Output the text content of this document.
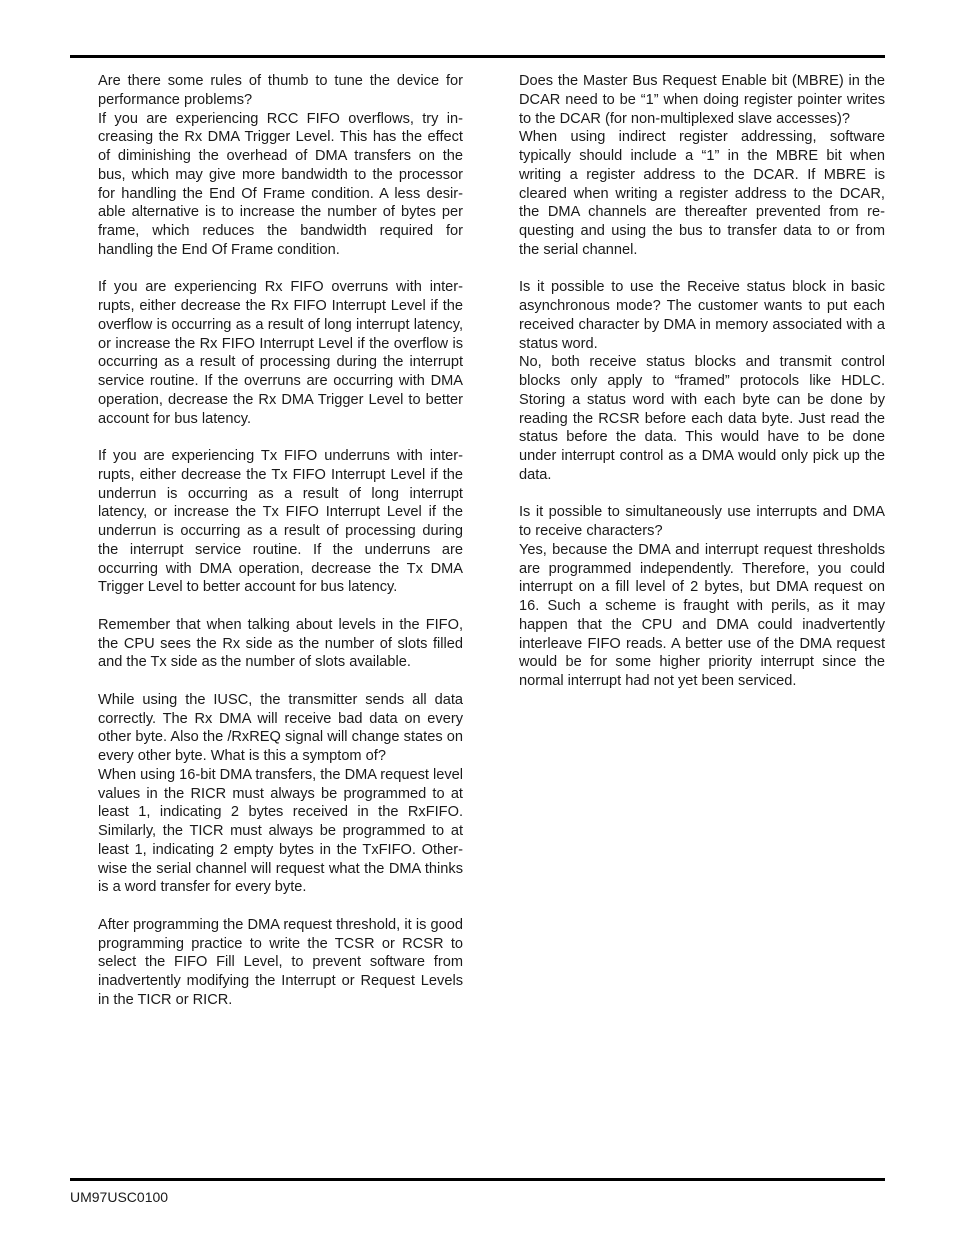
Are there some rules of thumb to tune the device for performance problems?
If you are experiencing RCC FIFO overflows, try increasing the Rx DMA Trigger Level. This has the effect of diminishing the overhead of DMA transfers on the bus, which may give more bandwidth to the processor for handling the End Of Frame condition. A less desirable alternative is to increase the number of bytes per frame, which reduces the bandwidth required for handling the End Of Frame condition.
If you are experiencing Rx FIFO overruns with interrupts, either decrease the Rx FIFO Interrupt Level if the overflow is occurring as a result of long interrupt latency, or increase the Rx FIFO Interrupt Level if the overflow is occurring as a result of processing during the interrupt service routine. If the overruns are occurring with DMA operation, decrease the Rx DMA Trigger Level to better account for bus latency.
If you are experiencing Tx FIFO underruns with interrupts, either decrease the Tx FIFO Interrupt Level if the underrun is occurring as a result of long interrupt latency, or increase the Tx FIFO Interrupt Level if the underrun is occurring as a result of processing during the interrupt service routine. If the underruns are occurring with DMA operation, decrease the Tx DMA Trigger Level to better account for bus latency.
Remember that when talking about levels in the FIFO, the CPU sees the Rx side as the number of slots filled and the Tx side as the number of slots available.
While using the IUSC, the transmitter sends all data correctly. The Rx DMA will receive bad data on every other byte. Also the /RxREQ signal will change states on every other byte. What is this a symptom of?
When using 16-bit DMA transfers, the DMA request level values in the RICR must always be programmed to at least 1, indicating 2 bytes received in the RxFIFO. Similarly, the TICR must always be programmed to at least 1, indicating 2 empty bytes in the TxFIFO. Otherwise the serial channel will request what the DMA thinks is a word transfer for every byte.
After programming the DMA request threshold, it is good programming practice to write the TCSR or RCSR to select the FIFO Fill Level, to prevent software from inadvertently modifying the Interrupt or Request Levels in the TICR or RICR.
Does the Master Bus Request Enable bit (MBRE) in the DCAR need to be “1” when doing register pointer writes to the DCAR (for non-multiplexed slave accesses)?
When using indirect register addressing, software typically should include a “1” in the MBRE bit when writing a register address to the DCAR. If MBRE is cleared when writing a register address to the DCAR, the DMA channels are thereafter prevented from requesting and using the bus to transfer data to or from the serial channel.
Is it possible to use the Receive status block in basic asynchronous mode? The customer wants to put each received character by DMA in memory associated with a status word.
No, both receive status blocks and transmit control blocks only apply to “framed” protocols like HDLC. Storing a status word with each byte can be done by reading the RCSR before each data byte. Just read the status before the data. This would have to be done under interrupt control as a DMA would only pick up the data.
Is it possible to simultaneously use interrupts and DMA to receive characters?
Yes, because the DMA and interrupt request thresholds are programmed independently. Therefore, you could interrupt on a fill level of 2 bytes, but DMA request on 16. Such a scheme is fraught with perils, as it may happen that the CPU and DMA could inadvertently interleave FIFO reads. A better use of the DMA request would be for some higher priority interrupt since the normal interrupt had not yet been serviced.
UM97USC0100
